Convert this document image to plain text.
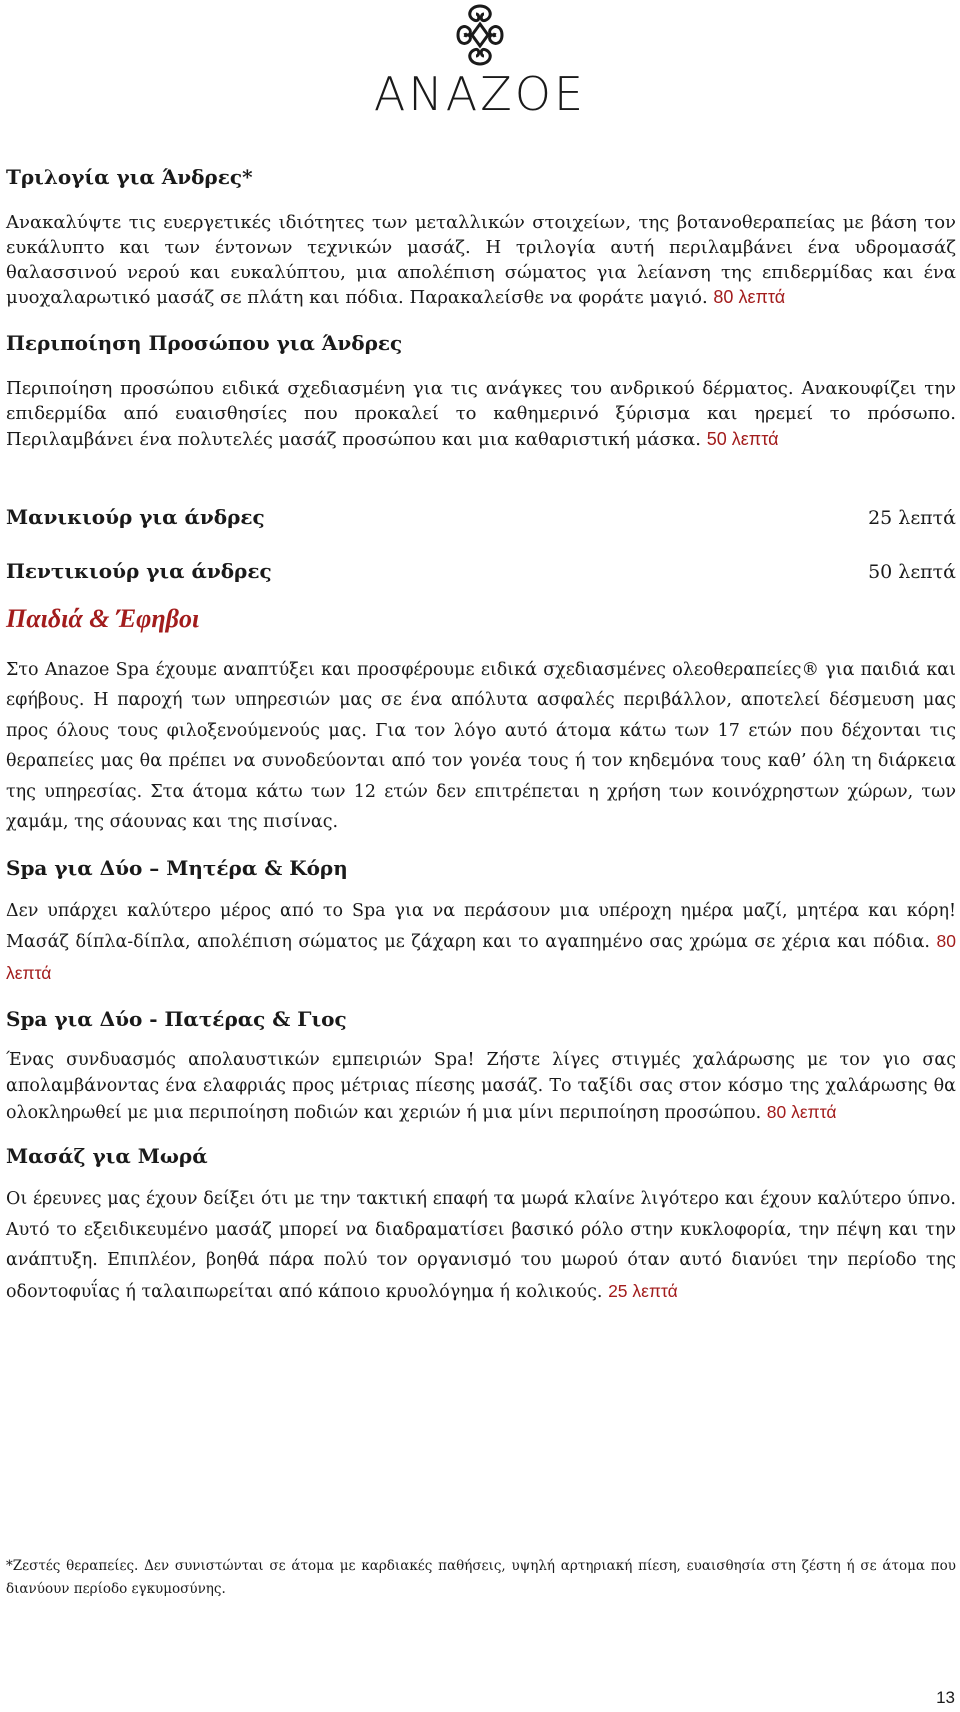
ANAZOE
Τριλογία για Άνδρες*

Ανακαλύψτε τις ευεργετικές ιδιότητες των μεταλλικών στοιχείων, της βοτανοθεραπείας με βάση τον ευκάλυπτο και των έντονων τεχνικών μασάζ. Η τριλογία αυτή περιλαμβάνει ένα υδρομασάζ θαλασσινού νερού και ευκαλύπτου, μια απολέπιση σώματος για λείανση της επιδερμίδας και ένα μυοχαλαρωτικό μασάζ σε πλάτη και πόδια. Παρακαλείσθε να φοράτε μαγιό. 80 λεπτά

Περιποίηση Προσώπου για Άνδρες

Περιποίηση προσώπου ειδικά σχεδιασμένη για τις ανάγκες του ανδρικού δέρματος. Ανακουφίζει την επιδερμίδα από ευαισθησίες που προκαλεί το καθημερινό ξύρισμα και ηρεμεί το πρόσωπο. Περιλαμβάνει ένα πολυτελές μασάζ προσώπου και μια καθαριστική μάσκα. 50 λεπτά

Μανικιούρ για άνδρες	25 λεπτά
Πεντικιούρ για άνδρες	50 λεπτά
Παιδιά & Έφηβοι

Στο Anazoe Spa έχουμε αναπτύξει και προσφέρουμε ειδικά σχεδιασμένες ολεοθεραπείες® για παιδιά και εφήβους. Η παροχή των υπηρεσιών μας σε ένα απόλυτα ασφαλές περιβάλλον, αποτελεί δέσμευση μας προς όλους τους φιλοξενούμενούς μας. Για τον λόγο αυτό άτομα κάτω των 17 ετών που δέχονται τις θεραπείες μας θα πρέπει να συνοδεύονται από τον γονέα τους ή τον κηδεμόνα τους καθ’ όλη τη διάρκεια της υπηρεσίας. Στα άτομα κάτω των 12 ετών δεν επιτρέπεται η χρήση των κοινόχρηστων χώρων, των χαμάμ, της σάουνας και της πισίνας.

Spa για Δύο – Μητέρα & Κόρη

Δεν υπάρχει καλύτερο μέρος από το Spa για να περάσουν μια υπέροχη ημέρα μαζί, μητέρα και κόρη! Μασάζ δίπλα-δίπλα, απολέπιση σώματος με ζάχαρη και το αγαπημένο σας χρώμα σε χέρια και πόδια. 80 λεπτά

Spa για Δύο - Πατέρας & Γιος

Ένας συνδυασμός απολαυστικών εμπειριών Spa! Ζήστε λίγες στιγμές χαλάρωσης με τον γιο σας απολαμβάνοντας ένα ελαφριάς προς μέτριας πίεσης μασάζ. Το ταξίδι σας στον κόσμο της χαλάρωσης θα ολοκληρωθεί με μια περιποίηση ποδιών και χεριών ή μια μίνι περιποίηση προσώπου. 80 λεπτά

Μασάζ για Μωρά

Οι έρευνες μας έχουν δείξει ότι με την τακτική επαφή τα μωρά κλαίνε λιγότερο και έχουν καλύτερο ύπνο. Αυτό το εξειδικευμένο μασάζ μπορεί να διαδραματίσει βασικό ρόλο στην κυκλοφορία, την πέψη και την ανάπτυξη. Επιπλέον, βοηθά πάρα πολύ τον οργανισμό του μωρού όταν αυτό διανύει την περίοδο της οδοντοφυΐας ή ταλαιπωρείται από κάποιο κρυολόγημα ή κολικούς. 25 λεπτά

*Ζεστές θεραπείες. Δεν συνιστώνται σε άτομα με καρδιακές παθήσεις, υψηλή αρτηριακή πίεση, ευαισθησία στη ζέστη ή σε άτομα που διανύουν περίοδο εγκυμοσύνης.
13
